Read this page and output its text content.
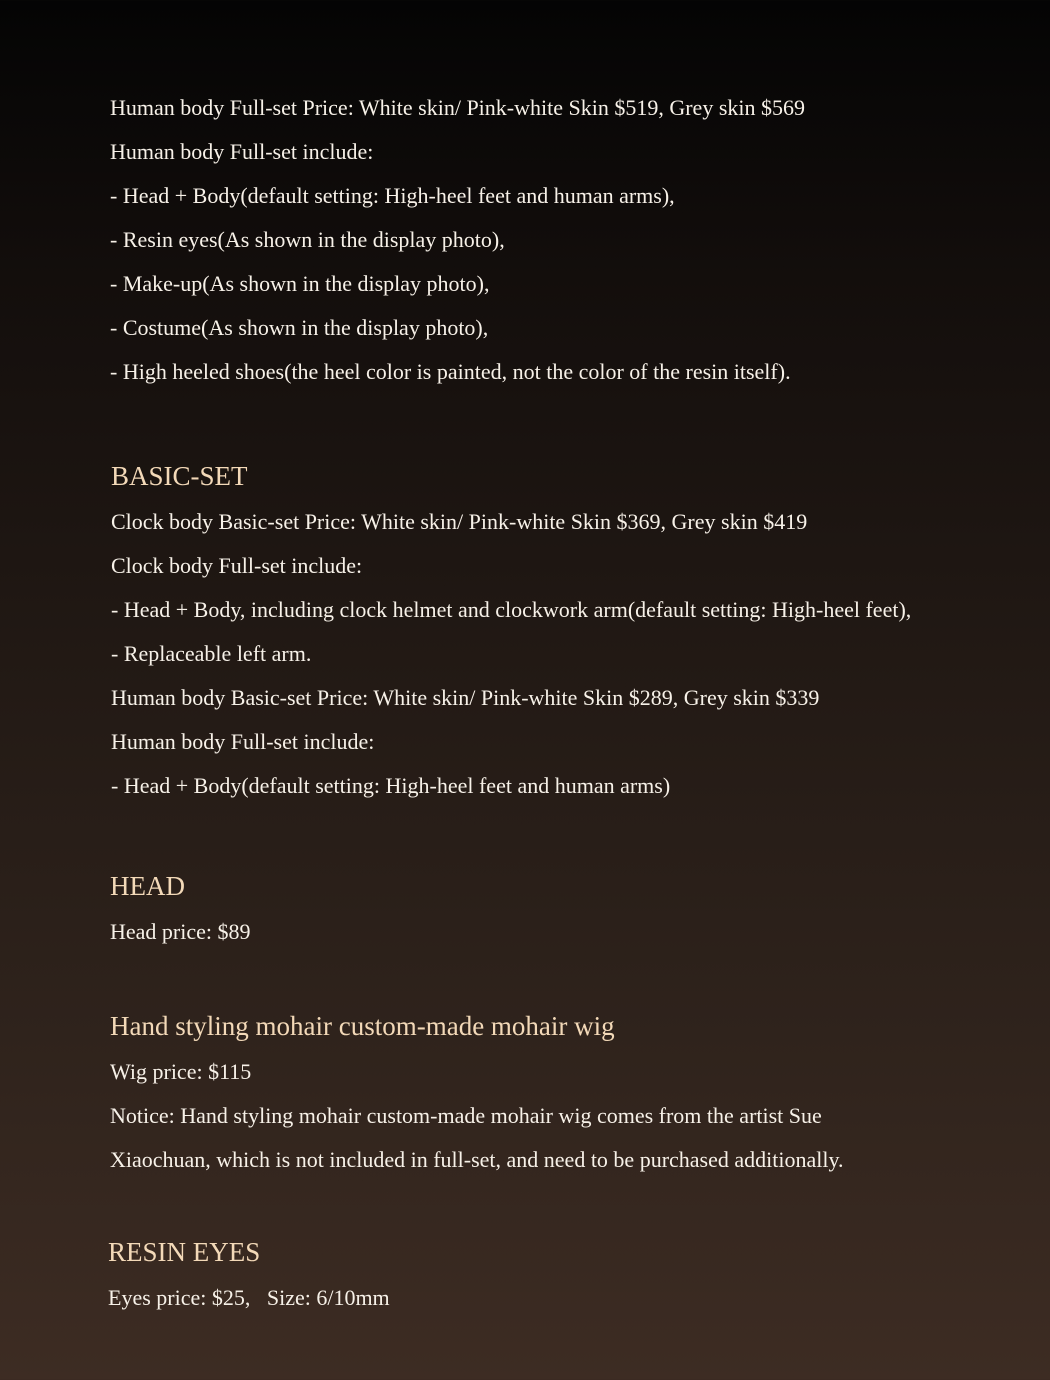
Human body Full-set Price: White skin/ Pink-white Skin $519, Grey skin $569
Human body Full-set include:
- Head + Body(default setting: High-heel feet and human arms),
- Resin eyes(As shown in the display photo),
- Make-up(As shown in the display photo),
- Costume(As shown in the display photo),
- High heeled shoes(the heel color is painted, not the color of the resin itself).
BASIC-SET
Clock body Basic-set Price: White skin/ Pink-white Skin $369, Grey skin $419
Clock body Full-set include:
- Head + Body, including clock helmet and clockwork arm(default setting: High-heel feet),
- Replaceable left arm.
Human body Basic-set Price: White skin/ Pink-white Skin $289, Grey skin $339
Human body Full-set include:
- Head + Body(default setting: High-heel feet and human arms)
HEAD
Head price: $89
Hand styling mohair custom-made mohair wig
Wig price: $115
Notice: Hand styling mohair custom-made mohair wig comes from the artist Sue
Xiaochuan, which is not included in full-set, and need to be purchased additionally.
RESIN EYES
Eyes price: $25,   Size: 6/10mm
